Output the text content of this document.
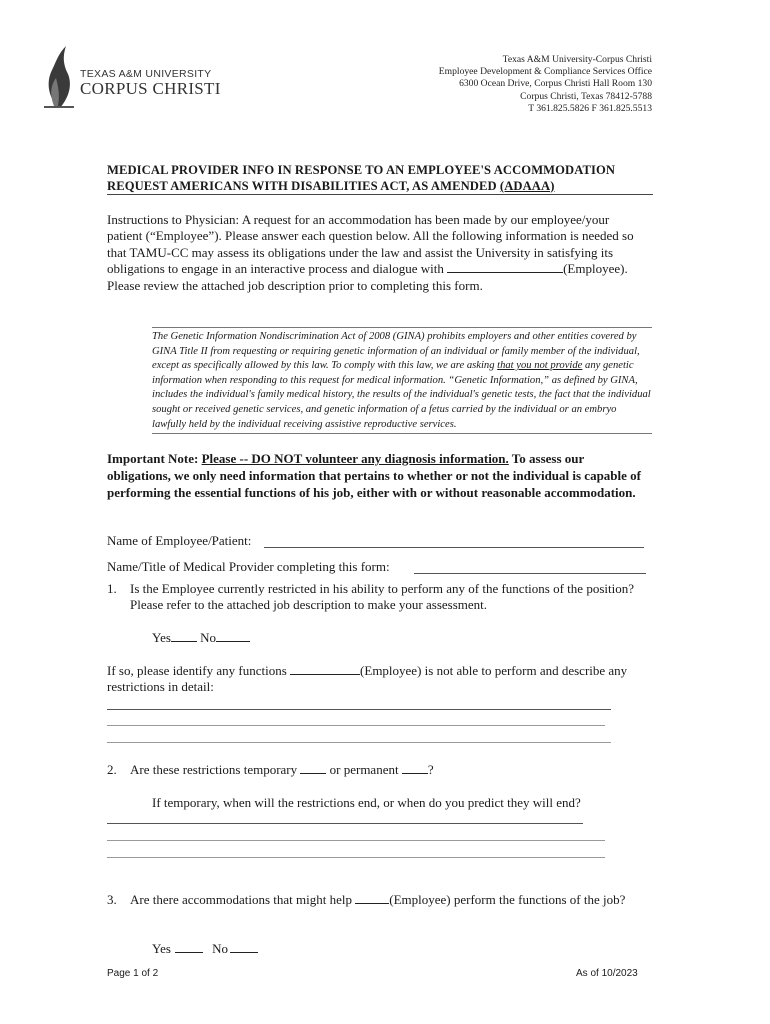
TEXAS A&M UNIVERSITY
CORPUS CHRISTI
Texas A&M University-Corpus Christi
Employee Development & Compliance Services Office
6300 Ocean Drive, Corpus Christi Hall Room 130
Corpus Christi, Texas 78412-5788
T 361.825.5826 F 361.825.5513
MEDICAL PROVIDER INFO IN RESPONSE TO AN EMPLOYEE'S ACCOMMODATION REQUEST AMERICANS WITH DISABILITIES ACT, AS AMENDED (ADAAA)
Instructions to Physician: A request for an accommodation has been made by our employee/your patient (“Employee”). Please answer each question below. All the following information is needed so that TAMU-CC may assess its obligations under the law and assist the University in satisfying its obligations to engage in an interactive process and dialogue with	(Employee). Please review the attached job description prior to completing this form.
The Genetic Information Nondiscrimination Act of 2008 (GINA) prohibits employers and other entities covered by GINA Title II from requesting or requiring genetic information of an individual or family member of the individual, except as specifically allowed by this law. To comply with this law, we are asking that you not provide any genetic information when responding to this request for medical information. “Genetic Information,” as defined by GINA, includes the individual's family medical history, the results of the individual's genetic tests, the fact that the individual sought or received genetic services, and genetic information of a fetus carried by the individual or an embryo lawfully held by the individual receiving assistive reproductive services.
Important Note: Please -- DO NOT volunteer any diagnosis information. To assess our obligations, we only need information that pertains to whether or not the individual is capable of performing the essential functions of his job, either with or without reasonable accommodation.
Name of Employee/Patient:
Name/Title of Medical Provider completing this form:
1. Is the Employee currently restricted in his ability to perform any of the functions of the position? Please refer to the attached job description to make your assessment.
Yes No
If so, please identify any functions	(Employee) is not able to perform and describe any restrictions in detail:
2. Are these restrictions temporary  or permanent ?
If temporary, when will the restrictions end, or when do you predict they will end?
3. Are there accommodations that might help	(Employee) perform the functions of the job?
Yes	No
Page 1 of 2	As of 10/2023
